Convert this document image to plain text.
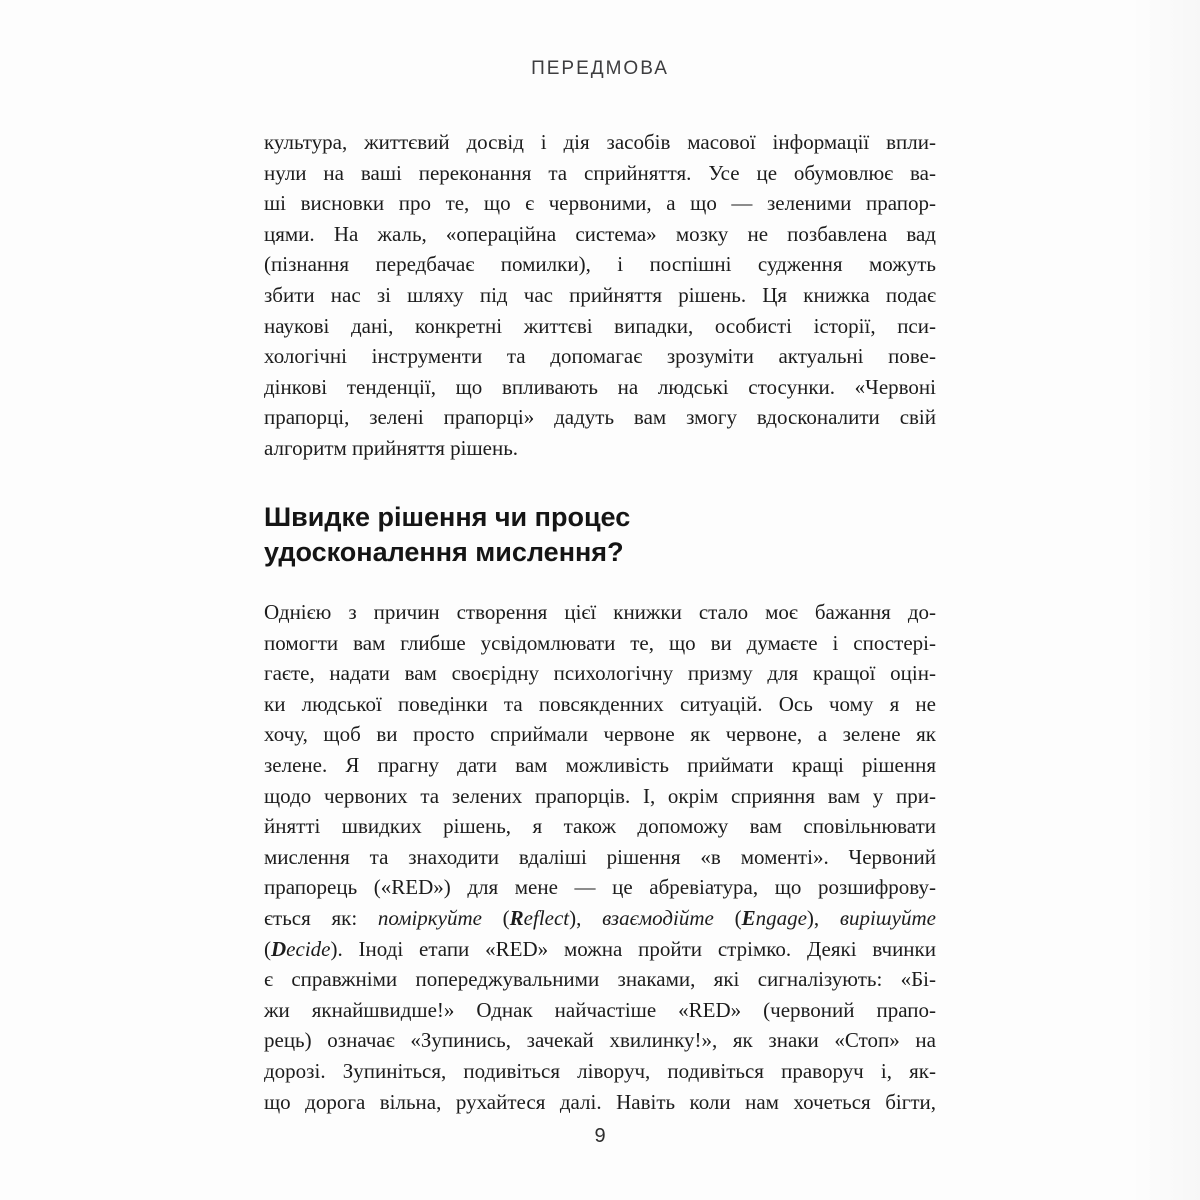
ПЕРЕДМОВА
культура, життєвий досвід і дія засобів масової інформації впли-
нули на ваші переконання та сприйняття. Усе це обумовлює ва-
ші висновки про те, що є червоними, а що — зеленими прапор-
цями. На жаль, «операційна система» мозку не позбавлена вад
(пізнання передбачає помилки), і поспішні судження можуть
збити нас зі шляху під час прийняття рішень. Ця книжка подає
наукові дані, конкретні життєві випадки, особисті історії, пси-
хологічні інструменти та допомагає зрозуміти актуальні пове-
дінкові тенденції, що впливають на людські стосунки. «Червоні
прапорці, зелені прапорці» дадуть вам змогу вдосконалити свій
алгоритм прийняття рішень.
Швидке рішення чи процес
удосконалення мислення?
Однією з причин створення цієї книжки стало моє бажання до-
помогти вам глибше усвідомлювати те, що ви думаєте і спостері-
гаєте, надати вам своєрідну психологічну призму для кращої оцін-
ки людської поведінки та повсякденних ситуацій. Ось чому я не
хочу, щоб ви просто сприймали червоне як червоне, а зелене як
зелене. Я прагну дати вам можливість приймати кращі рішення
щодо червоних та зелених прапорців. І, окрім сприяння вам у при-
йнятті швидких рішень, я також допоможу вам сповільнювати
мислення та знаходити вдаліші рішення «в моменті». Червоний
прапорець («RED») для мене — це абревіатура, що розшифрову-
ється як: поміркуйте (Reflect), взаємодійте (Engage), вирішуйте
(Decide). Іноді етапи «RED» можна пройти стрімко. Деякі вчинки
є справжніми попереджувальними знаками, які сигналізують: «Бі-
жи якнайшвидше!» Однак найчастіше «RED» (червоний прапо-
рець) означає «Зупинись, зачекай хвилинку!», як знаки «Стоп» на
дорозі. Зупиніться, подивіться ліворуч, подивіться праворуч і, як-
що дорога вільна, рухайтеся далі. Навіть коли нам хочеться бігти,
9
